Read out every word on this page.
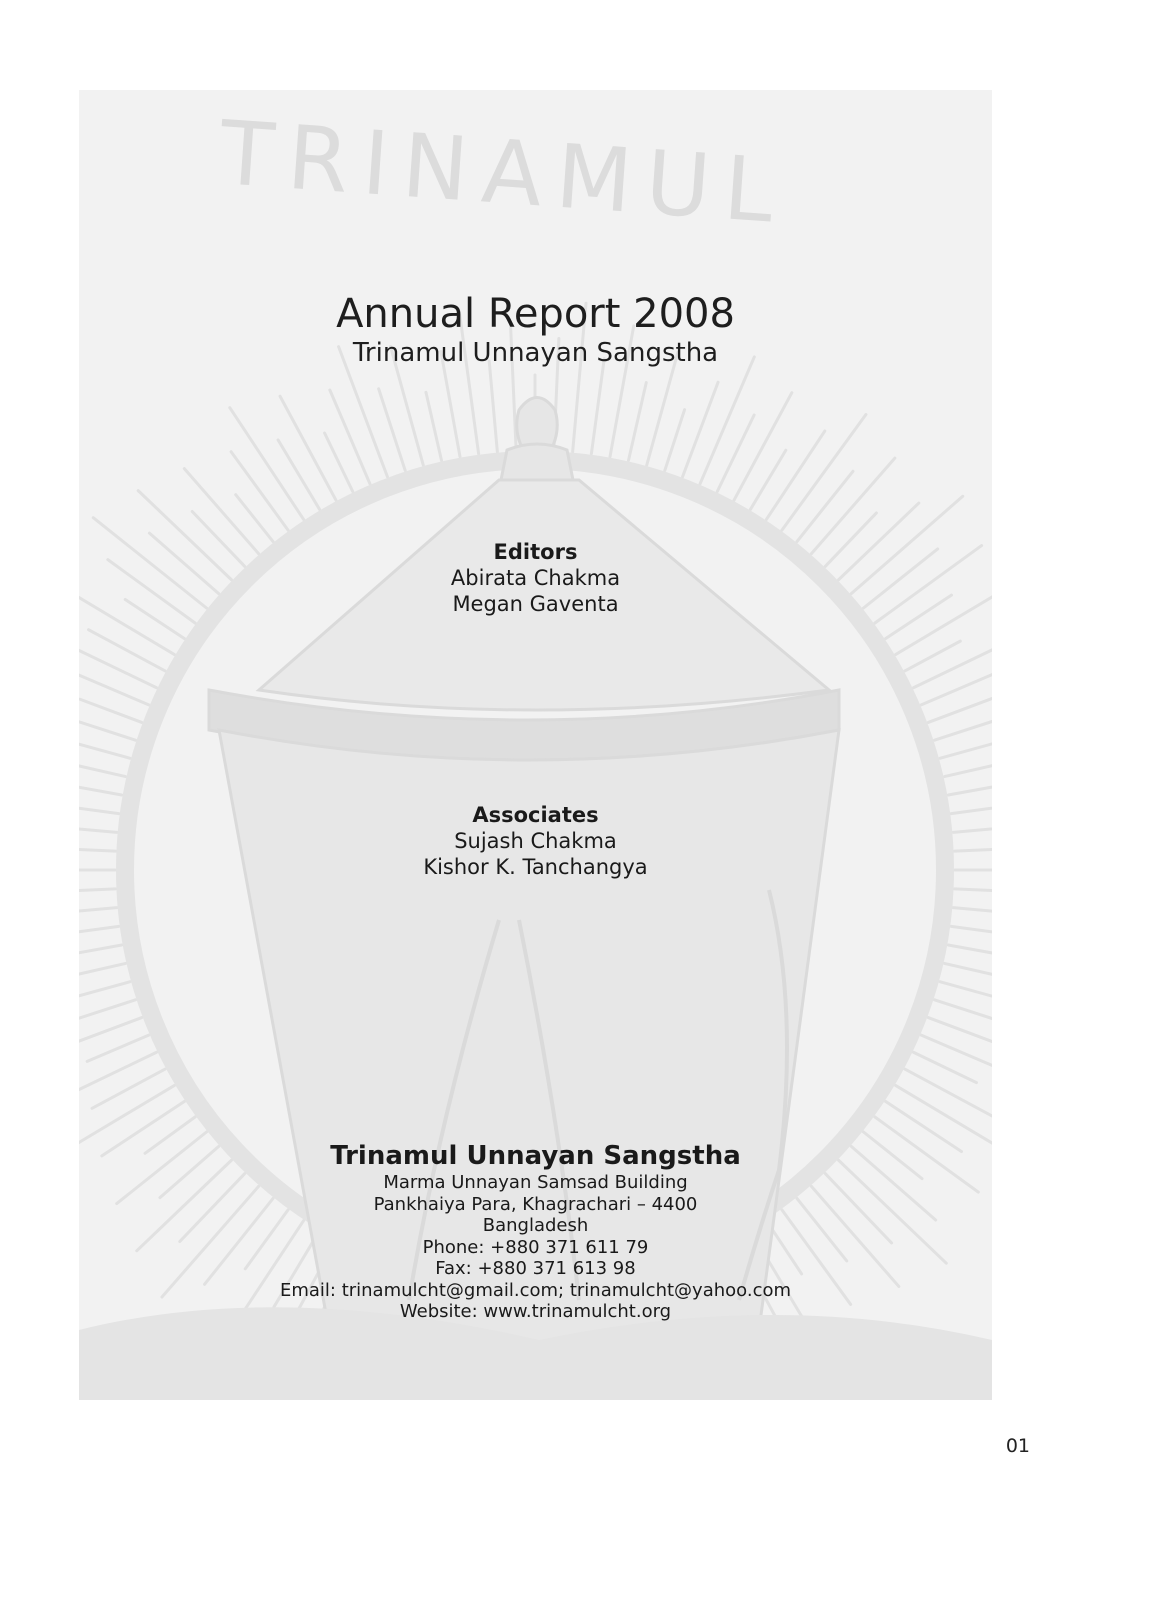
TRINAMUL
Annual Report 2008
Trinamul Unnayan Sangstha
Editors
Abirata Chakma
Megan Gaventa
Associates
Sujash Chakma
Kishor K. Tanchangya
Trinamul Unnayan Sangstha
Marma Unnayan Samsad Building
Pankhaiya Para, Khagrachari – 4400
Bangladesh
Phone: +880 371 611 79
Fax: +880 371 613 98
Email: trinamulcht@gmail.com; trinamulcht@yahoo.com
Website: www.trinamulcht.org
01
